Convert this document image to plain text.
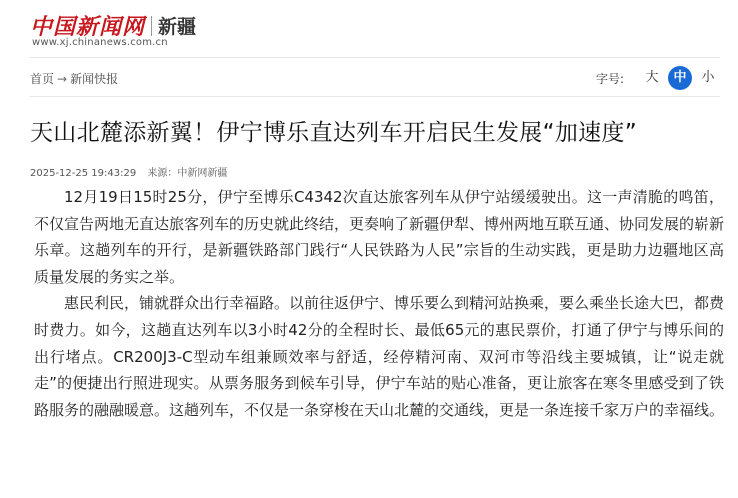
中国新闻网 新疆
www.xj.chinanews.com.cn
首页 → 新闻快报	字号:	大	中	小
天山北麓添新翼！伊宁博乐直达列车开启民生发展“加速度”
2025-12-25 19:43:29 来源：中新网新疆

12月19日15时25分，伊宁至博乐C4342次直达旅客列车从伊宁站缓缓驶出。这一声清脆的鸣笛，不仅宣告两地无直达旅客列车的历史就此终结，更奏响了新疆伊犁、博州两地互联互通、协同发展的崭新乐章。这趟列车的开行，是新疆铁路部门践行“人民铁路为人民”宗旨的生动实践，更是助力边疆地区高质量发展的务实之举。

惠民利民，铺就群众出行幸福路。以前往返伊宁、博乐要么到精河站换乘，要么乘坐长途大巴，都费时费力。如今，这趟直达列车以3小时42分的全程时长、最低65元的惠民票价，打通了伊宁与博乐间的出行堵点。CR200J3-C型动车组兼顾效率与舒适，经停精河南、双河市等沿线主要城镇，让“说走就走”的便捷出行照进现实。从票务服务到候车引导，伊宁车站的贴心准备，更让旅客在寒冬里感受到了铁路服务的融融暖意。这趟列车，不仅是一条穿梭在天山北麓的交通线，更是一条连接千家万户的幸福线。
